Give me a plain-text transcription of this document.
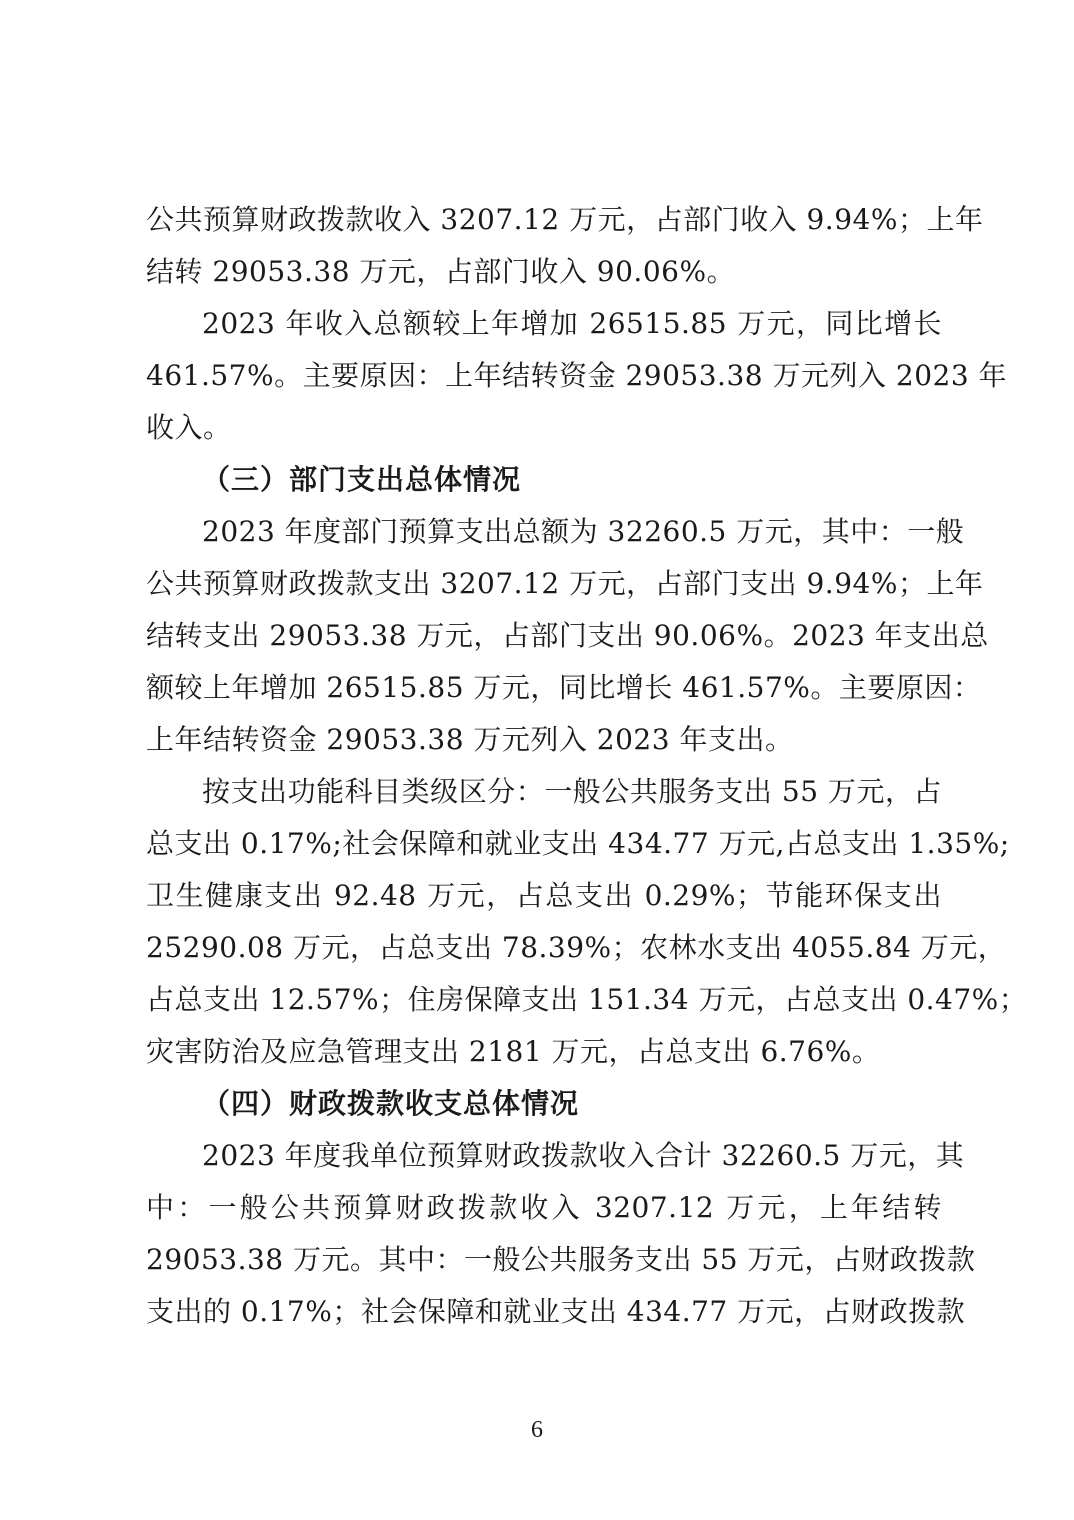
公共预算财政拨款收入 3207.12 万元，占部门收入 9.94%；上年
结转 29053.38 万元，占部门收入 90.06%。
2023 年收入总额较上年增加 26515.85 万元，同比增长
461.57%。主要原因：上年结转资金 29053.38 万元列入 2023 年
收入。
（三）部门支出总体情况
2023 年度部门预算支出总额为 32260.5 万元，其中：一般
公共预算财政拨款支出 3207.12 万元，占部门支出 9.94%；上年
结转支出 29053.38 万元，占部门支出 90.06%。2023 年支出总
额较上年增加 26515.85 万元，同比增长 461.57%。主要原因：
上年结转资金 29053.38 万元列入 2023 年支出。
按支出功能科目类级区分：一般公共服务支出 55 万元，占
总支出 0.17%;社会保障和就业支出 434.77 万元,占总支出 1.35%;
卫生健康支出 92.48 万元，占总支出 0.29%；节能环保支出
25290.08 万元，占总支出 78.39%；农林水支出 4055.84 万元，
占总支出 12.57%；住房保障支出 151.34 万元，占总支出 0.47%；
灾害防治及应急管理支出 2181 万元，占总支出 6.76%。
（四）财政拨款收支总体情况
2023 年度我单位预算财政拨款收入合计 32260.5 万元，其
中：一般公共预算财政拨款收入 3207.12 万元，上年结转
29053.38 万元。其中：一般公共服务支出 55 万元，占财政拨款
支出的 0.17%；社会保障和就业支出 434.77 万元，占财政拨款
6
